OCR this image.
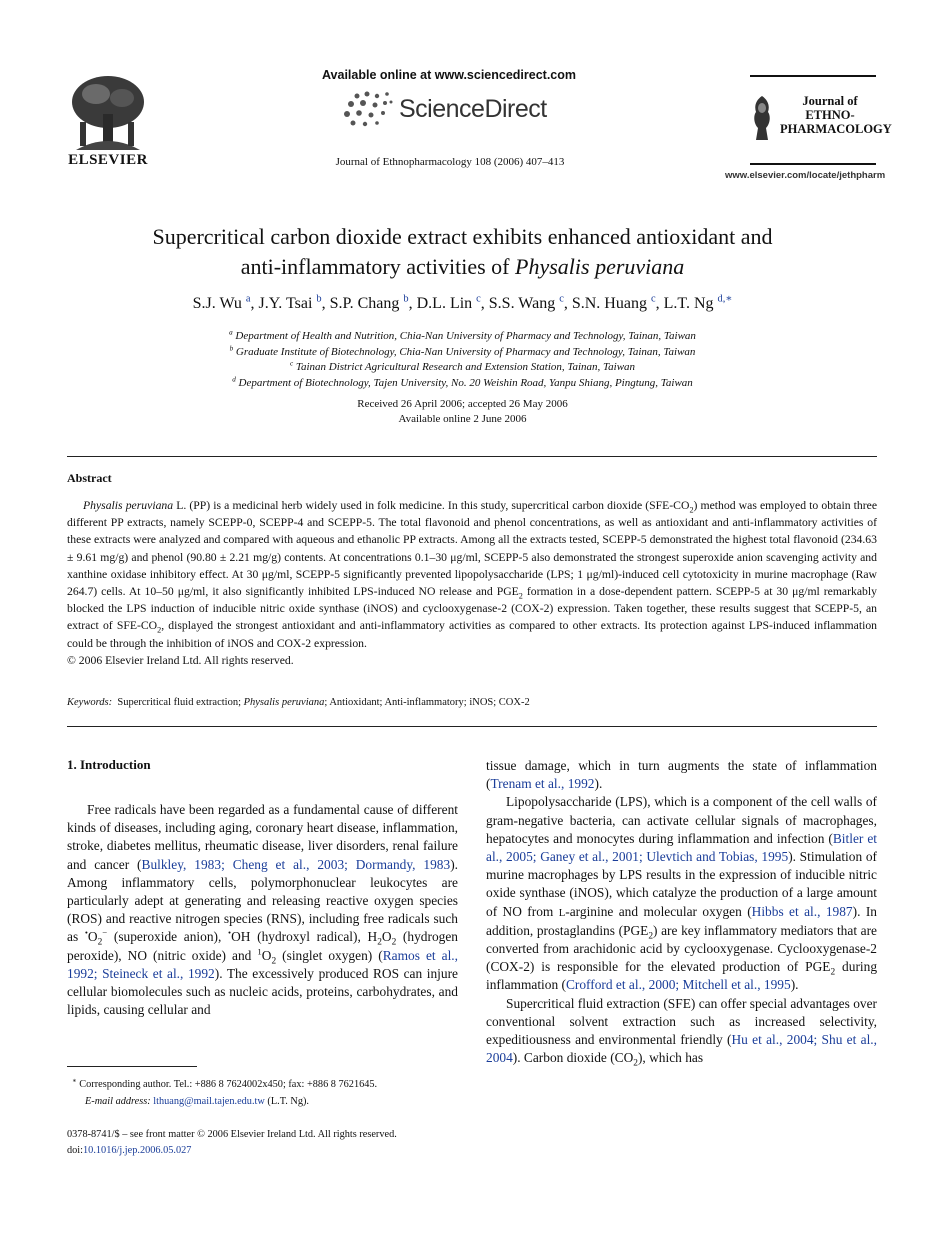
ELSEVIER
Available online at www.sciencedirect.com
ScienceDirect
Journal of Ethnopharmacology 108 (2006) 407–413
Journal of
ETHNO-
PHARMACOLOGY
www.elsevier.com/locate/jethpharm
Supercritical carbon dioxide extract exhibits enhanced antioxidant and
anti-inflammatory activities of Physalis peruviana
S.J. Wu $^a$, J.Y. Tsai $^b$, S.P. Chang $^b$, D.L. Lin $^c$, S.S. Wang $^c$, S.N. Huang $^c$, L.T. Ng $^{d,∗}$
$^a$ Department of Health and Nutrition, Chia-Nan University of Pharmacy and Technology, Tainan, Taiwan
$^b$ Graduate Institute of Biotechnology, Chia-Nan University of Pharmacy and Technology, Tainan, Taiwan
$^c$ Tainan District Agricultural Research and Extension Station, Tainan, Taiwan
$^d$ Department of Biotechnology, Tajen University, No. 20 Weishin Road, Yanpu Shiang, Pingtung, Taiwan
Received 26 April 2006; accepted 26 May 2006
Available online 2 June 2006
Abstract
Physalis peruviana L. (PP) is a medicinal herb widely used in folk medicine. In this study, supercritical carbon dioxide $(SFE-CO_2)$ method was employed to obtain three different PP extracts, namely SCEPP-0, SCEPP-4 and SCEPP-5. The total flavonoid and phenol concentrations, as well as antioxidant and anti-inflammatory activities of these extracts were analyzed and compared with aqueous and ethanolic PP extracts. Among all the extracts tested, SCEPP-5 demonstrated the highest total flavonoid (234.63 ± 9.61 mg/g) and phenol (90.80 ± 2.21 mg/g) contents. At concentrations 0.1–30 μg/ml, SCEPP-5 also demonstrated the strongest superoxide anion scavenging activity and xanthine oxidase inhibitory effect. At 30 μg/ml, SCEPP-5 significantly prevented lipopolysaccharide (LPS; 1 μg/ml)-induced cell cytotoxicity in murine macrophage (Raw 264.7) cells. At 10–50 μg/ml, it also significantly inhibited LPS-induced NO release and $PGE_2$ formation in a dose-dependent pattern. SCEPP-5 at 30 μg/ml remarkably blocked the LPS induction of inducible nitric oxide synthase (iNOS) and cyclooxygenase-2 (COX-2) expression. Taken together, these results suggest that SCEPP-5, an extract of SFE-$CO_2$, displayed the strongest antioxidant and anti-inflammatory activities as compared to other extracts. Its protection against LPS-induced inflammation could be through the inhibition of iNOS and COX-2 expression.
© 2006 Elsevier Ireland Ltd. All rights reserved.
Keywords: Supercritical fluid extraction; Physalis peruviana; Antioxidant; Anti-inflammatory; iNOS; COX-2
1. Introduction

Free radicals have been regarded as a fundamental cause of different kinds of diseases, including aging, coronary heart disease, inflammation, stroke, diabetes mellitus, rheumatic disease, liver disorders, renal failure and cancer (Bulkley, 1983; Cheng et al., 2003; Dormandy, 1983). Among inflammatory cells, polymorphonuclear leukocytes are particularly adept at generating and releasing reactive oxygen species (ROS) and reactive nitrogen species (RNS), including free radicals such as $^•O_2^-$ (superoxide anion), •OH (hydroxyl radical), $H_2O_2$ (hydrogen peroxide), NO (nitric oxide) and $^1O_2$ (singlet oxygen) (Ramos et al., 1992; Steineck et al., 1992). The excessively produced ROS can injure cellular biomolecules such as nucleic acids, proteins, carbohydrates, and lipids, causing cellular and

tissue damage, which in turn augments the state of inflammation (Trenam et al., 1992).

Lipopolysaccharide (LPS), which is a component of the cell walls of gram-negative bacteria, can activate cellular signals of macrophages, hepatocytes and monocytes during inflammation and infection (Bitler et al., 2005; Ganey et al., 2001; Ulevtich and Tobias, 1995). Stimulation of murine macrophages by LPS results in the expression of inducible nitric oxide synthase (iNOS), which catalyze the production of a large amount of NO from L-arginine and molecular oxygen (Hibbs et al., 1987). In addition, prostaglandins $(PGE_2)$ are key inflammatory mediators that are converted from arachidonic acid by cyclooxygenase. Cyclooxygenase-2 (COX-2) is responsible for the elevated production of $PGE_2$ during inflammation (Crofford et al., 2000; Mitchell et al., 1995).

Supercritical fluid extraction (SFE) can offer special advantages over conventional solvent extraction such as increased selectivity, expeditiousness and environmental friendly (Hu et al., 2004; Shu et al., 2004). Carbon dioxide $(CO_2)$, which has

∗ Corresponding author. Tel.: +886 8 7624002x450; fax: +886 8 7621645.
E-mail address: lthuang@mail.tajen.edu.tw (L.T. Ng).
0378-8741/$ – see front matter © 2006 Elsevier Ireland Ltd. All rights reserved.
doi:10.1016/j.jep.2006.05.027
